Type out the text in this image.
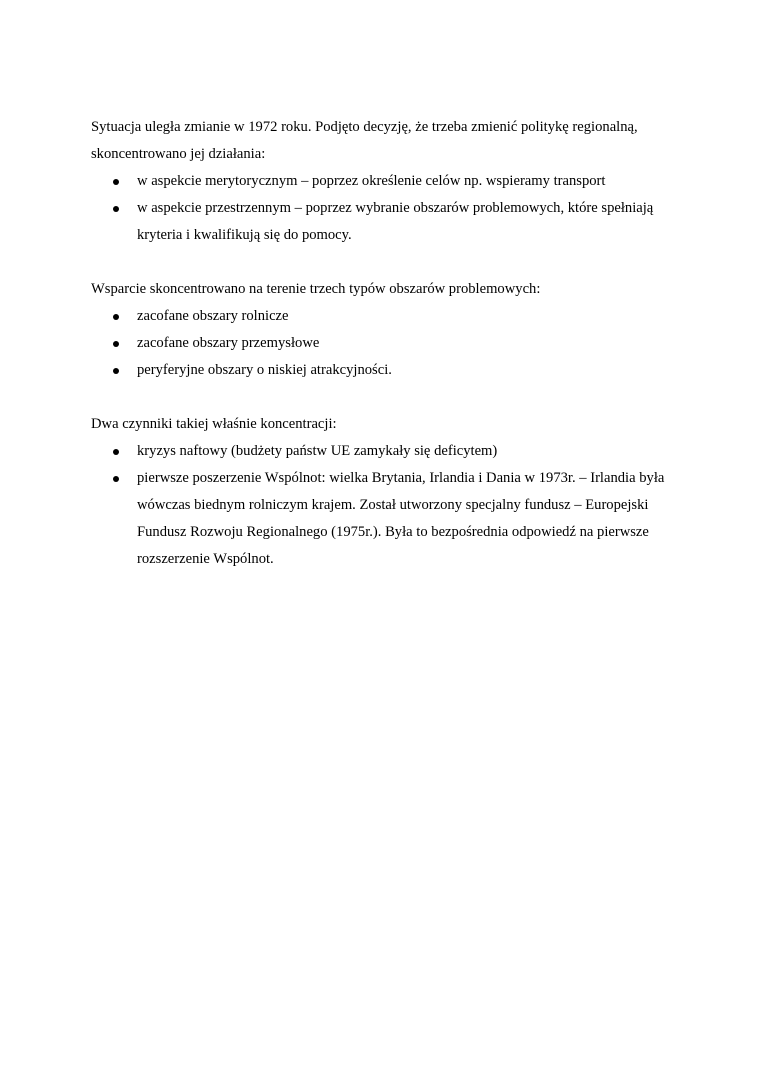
Sytuacja uległa zmianie w 1972 roku. Podjęto decyzję, że trzeba zmienić politykę regionalną, skoncentrowano jej działania:

w aspekcie merytorycznym – poprzez określenie celów np. wspieramy transport
w aspekcie przestrzennym – poprzez wybranie obszarów problemowych, które spełniają kryteria i kwalifikują się do pomocy.

Wsparcie skoncentrowano na terenie trzech typów obszarów problemowych:

zacofane obszary rolnicze
zacofane obszary przemysłowe
peryferyjne obszary o niskiej atrakcyjności.

Dwa czynniki takiej właśnie koncentracji:

kryzys naftowy (budżety państw UE zamykały się deficytem)
pierwsze poszerzenie Wspólnot: wielka Brytania, Irlandia i Dania w 1973r. – Irlandia była wówczas biednym rolniczym krajem. Został utworzony specjalny fundusz – Europejski Fundusz Rozwoju Regionalnego (1975r.). Była to bezpośrednia odpowiedź na pierwsze rozszerzenie Wspólnot.
